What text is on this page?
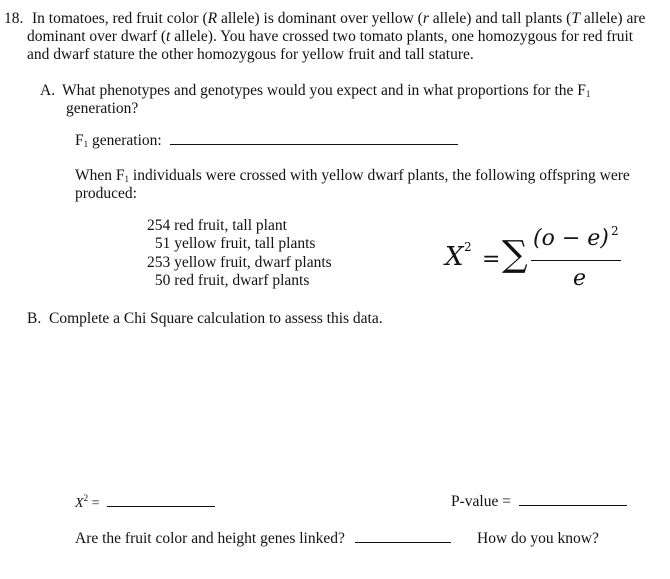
18. In tomatoes, red fruit color (R allele) is dominant over yellow (r allele) and tall plants (T allele) are
dominant over dwarf (t allele). You have crossed two tomato plants, one homozygous for red fruit
and dwarf stature the other homozygous for yellow fruit and tall stature.
A. What phenotypes and genotypes would you expect and in what proportions for the $F_1$
generation?
$F_1$ generation:
When $F_1$ individuals were crossed with yellow dwarf plants, the following offspring were
produced:
254 red fruit, tall plant
51 yellow fruit, tall plants
253 yellow fruit, dwarf plants
50 red fruit, dwarf plants
X 2 = ∑ (o − e) 2
e
B. Complete a Chi Square calculation to assess this data.
$X^2$ =	P-value =
Are the fruit color and height genes linked?	How do you know?
